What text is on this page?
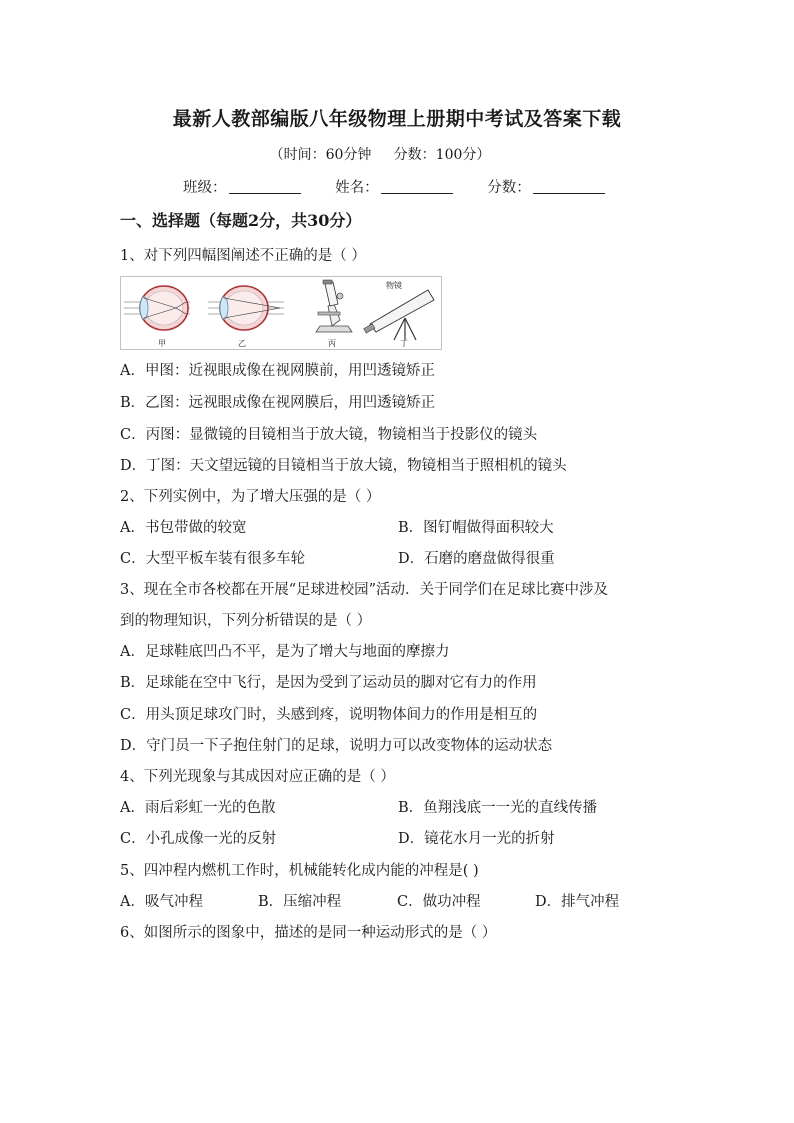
最新人教部编版八年级物理上册期中考试及答案下载
（时间：60分钟     分数：100分）
班级：	姓名：	分数：
一、选择题（每题2分，共30分）
1、对下列四幅图阐述不正确的是（ ）
甲	乙	丙
物镜
丁
A．甲图：近视眼成像在视网膜前，用凹透镜矫正
B．乙图：远视眼成像在视网膜后，用凹透镜矫正
C．丙图：显微镜的目镜相当于放大镜，物镜相当于投影仪的镜头
D．丁图：天文望远镜的目镜相当于放大镜，物镜相当于照相机的镜头
2、下列实例中，为了增大压强的是（ ）
A．书包带做的较宽	B．图钉帽做得面积较大
C．大型平板车装有很多车轮	D．石磨的磨盘做得很重
3、现在全市各校都在开展“足球进校园”活动．关于同学们在足球比赛中涉及
到的物理知识，下列分析错误的是（ ）
A．足球鞋底凹凸不平，是为了增大与地面的摩擦力
B．足球能在空中飞行，是因为受到了运动员的脚对它有力的作用
C．用头顶足球攻门时，头感到疼，说明物体间力的作用是相互的
D．守门员一下子抱住射门的足球，说明力可以改变物体的运动状态
4、下列光现象与其成因对应正确的是（ ）
A．雨后彩虹一光的色散	B．鱼翔浅底一一光的直线传播
C．小孔成像一光的反射	D．镜花水月一光的折射
5、四冲程内燃机工作时，机械能转化成内能的冲程是( )
A．吸气冲程	B．压缩冲程	C．做功冲程	D．排气冲程
6、如图所示的图象中，描述的是同一种运动形式的是（ ）
